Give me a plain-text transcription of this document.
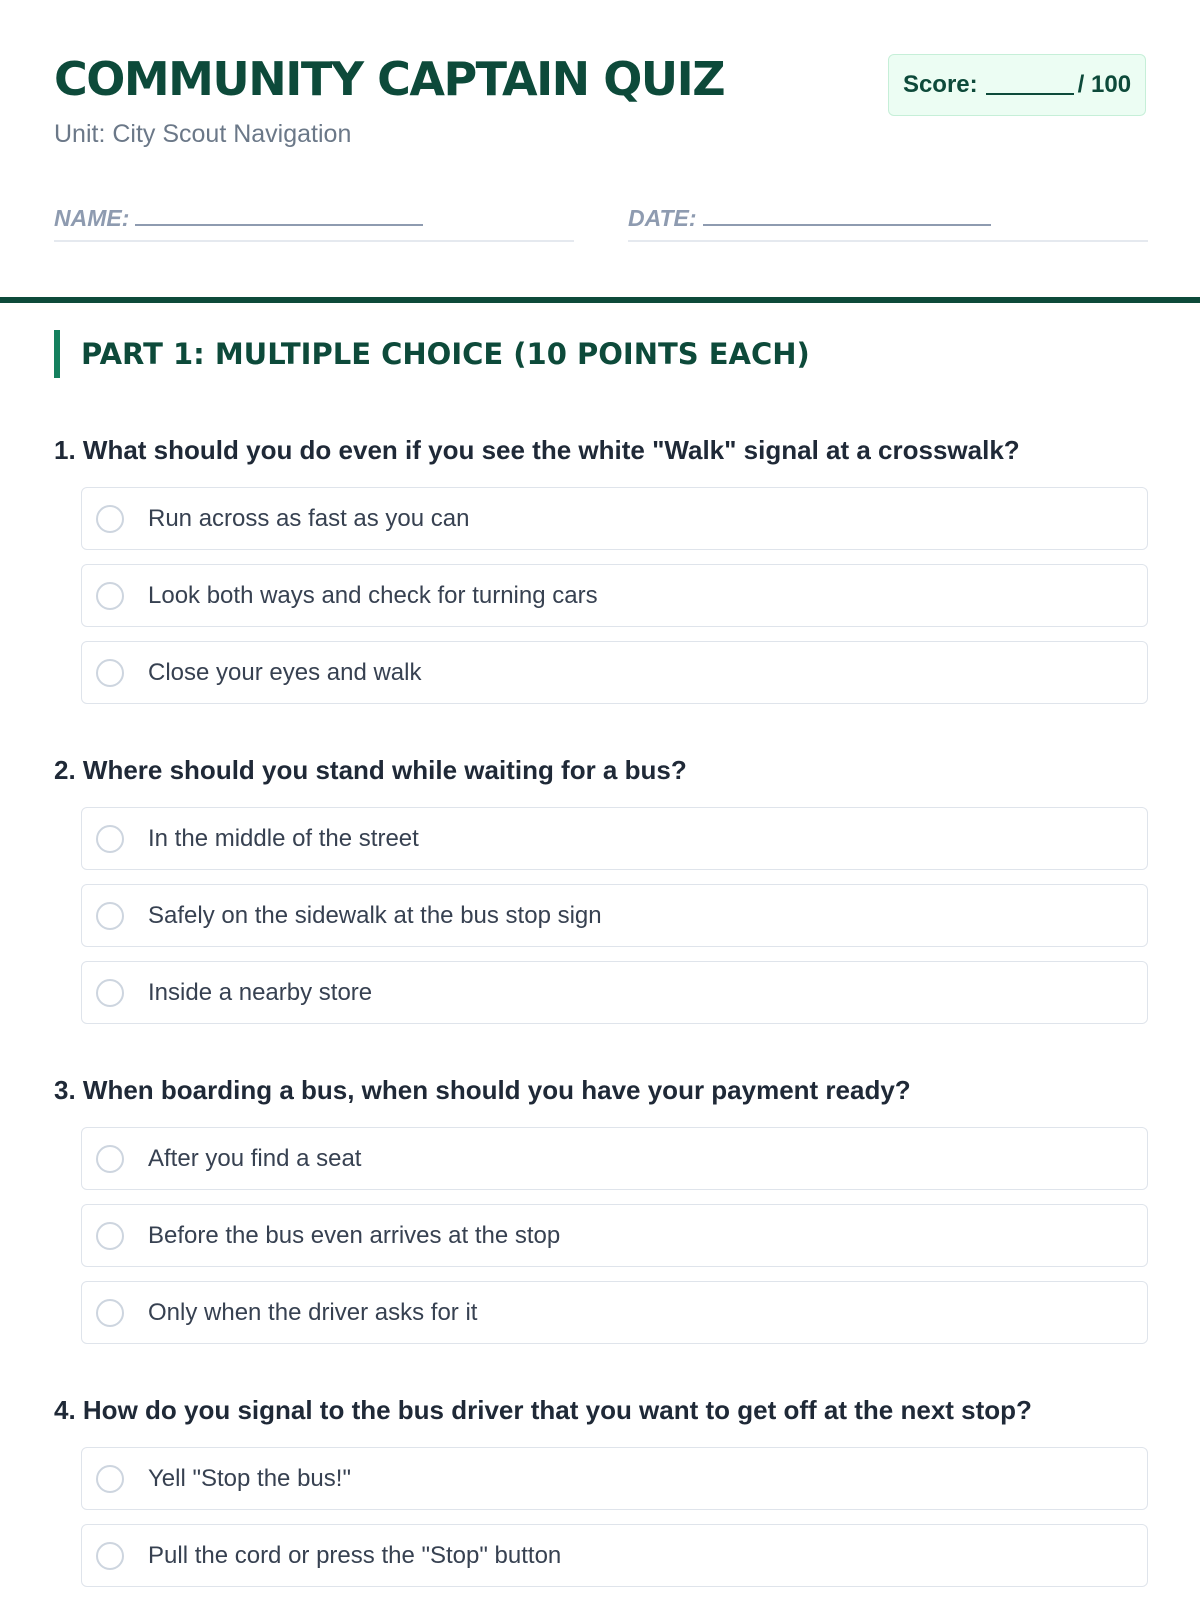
COMMUNITY CAPTAIN QUIZ
Unit: City Scout Navigation
Score:	/ 100
NAME:	DATE:
PART 1: MULTIPLE CHOICE (10 POINTS EACH)

1. What should you do even if you see the white "Walk" signal at a crosswalk?

Run across as fast as you can
Look both ways and check for turning cars
Close your eyes and walk

2. Where should you stand while waiting for a bus?

In the middle of the street
Safely on the sidewalk at the bus stop sign
Inside a nearby store

3. When boarding a bus, when should you have your payment ready?

After you find a seat
Before the bus even arrives at the stop
Only when the driver asks for it

4. How do you signal to the bus driver that you want to get off at the next stop?

Yell "Stop the bus!"
Pull the cord or press the "Stop" button
